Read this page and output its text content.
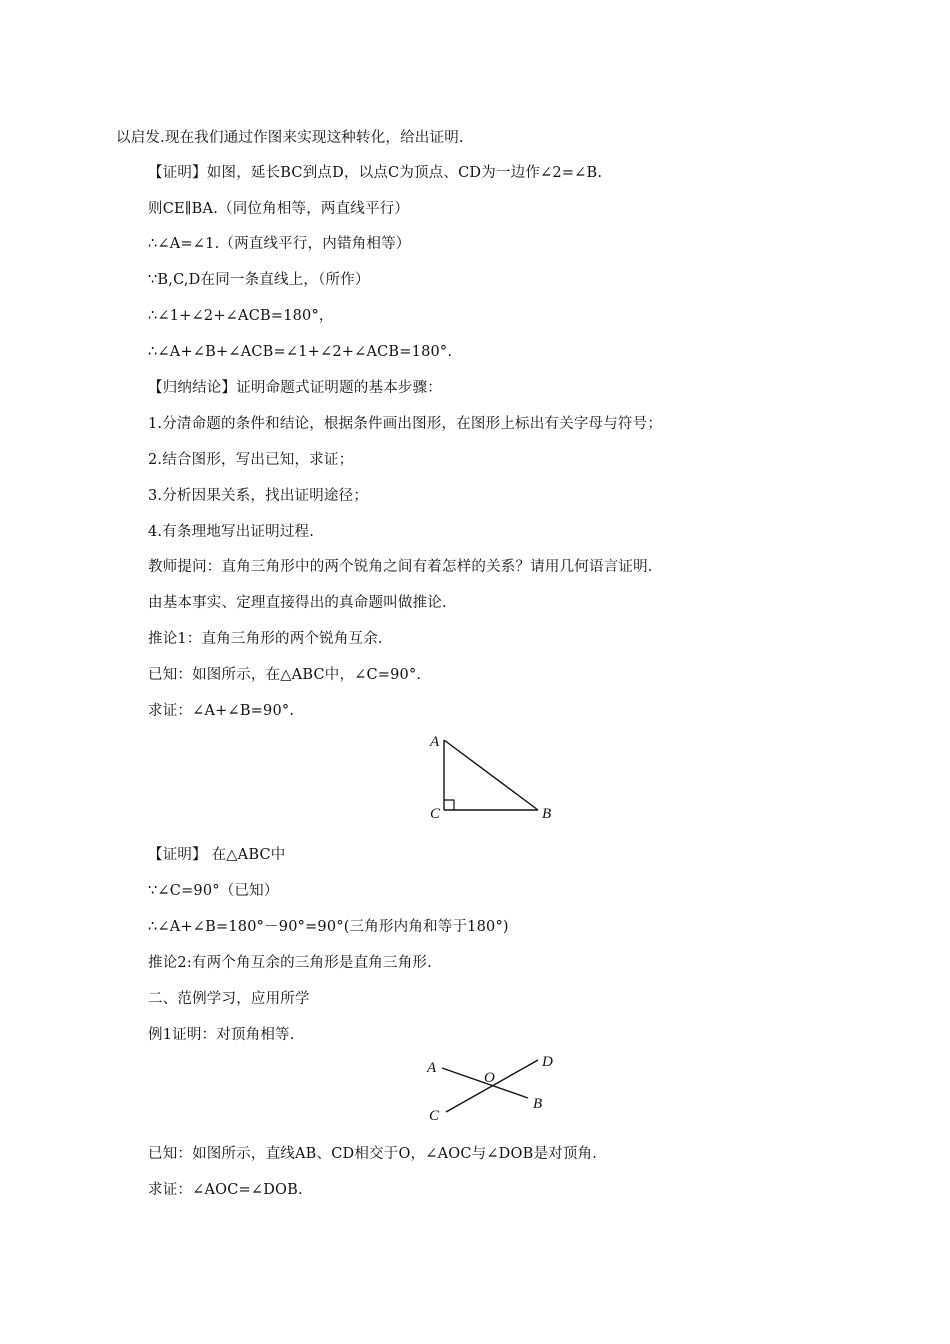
以启发.现在我们通过作图来实现这种转化，给出证明.
【证明】如图，延长BC到点D，以点C为顶点、CD为一边作∠2=∠B.
则CE∥BA.（同位角相等，两直线平行）
∴∠A=∠1.（两直线平行，内错角相等）
∵B,C,D在同一条直线上，（所作）
∴∠1+∠2+∠ACB=180°，
∴∠A+∠B+∠ACB=∠1+∠2+∠ACB=180°.
【归纳结论】证明命题式证明题的基本步骤：
1.分清命题的条件和结论，根据条件画出图形，在图形上标出有关字母与符号；
2.结合图形，写出已知，求证；
3.分析因果关系，找出证明途径；
4.有条理地写出证明过程.
教师提问：直角三角形中的两个锐角之间有着怎样的关系？请用几何语言证明.
由基本事实、定理直接得出的真命题叫做推论.
推论1：直角三角形的两个锐角互余.
已知：如图所示，在△ABC中，∠C=90°.
求证：∠A+∠B=90°.
A
C	B
【证明】 在△ABC中
∵∠C=90°（已知）
∴∠A+∠B=180°－90°=90°(三角形内角和等于180°)
推论2:有两个角互余的三角形是直角三角形.
二、范例学习，应用所学
例1证明：对顶角相等.
A
O
D
C
B
已知：如图所示，直线AB、CD相交于O，∠AOC与∠DOB是对顶角.
求证：∠AOC=∠DOB.
